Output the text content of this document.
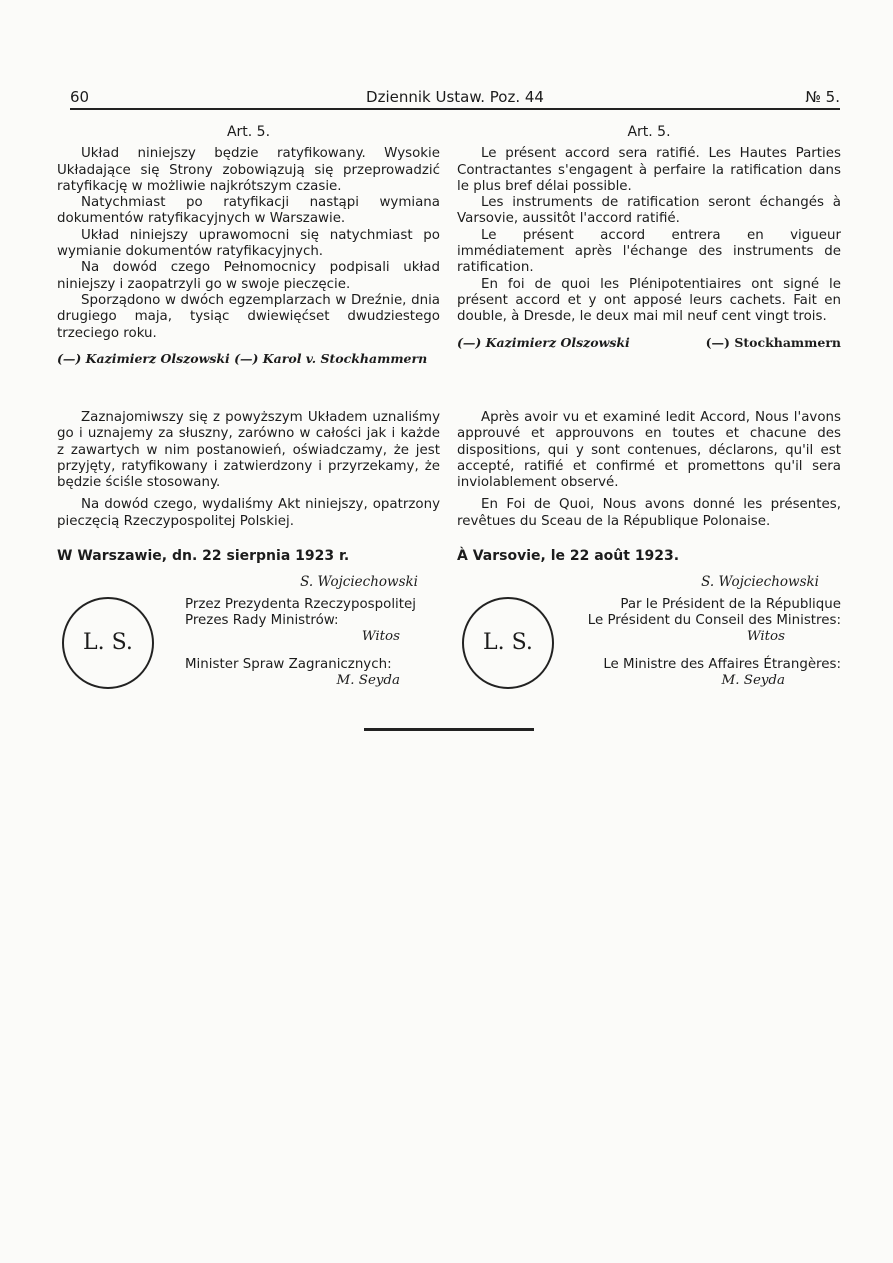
60	Dziennik Ustaw. Poz. 44	№ 5.
Art. 5.

Układ niniejszy będzie ratyfikowany. Wysokie Układające się Strony zobowiązują się przeprowadzić ratyfikację w możliwie najkrótszym czasie.

Natychmiast po ratyfikacji nastąpi wymiana dokumentów ratyfikacyjnych w Warszawie.

Układ niniejszy uprawomocni się natychmiast po wymianie dokumentów ratyfikacyjnych.

Na dowód czego Pełnomocnicy podpisali układ niniejszy i zaopatrzyli go w swoje pieczęcie.

Sporządono w dwóch egzemplarzach w Dreźnie, dnia drugiego maja, tysiąc dwiewięćset dwudziestego trzeciego roku.

(—) Kazimierz Olszowski (—) Karol v. Stockhammern
Art. 5.

Le présent accord sera ratifié. Les Hautes Parties Contractantes s'engagent à perfaire la ratification dans le plus bref délai possible.

Les instruments de ratification seront échangés à Varsovie, aussitôt l'accord ratifié.

Le présent accord entrera en vigueur immédiatement après l'échange des instruments de ratification.

En foi de quoi les Plénipotentiaires ont signé le présent accord et y ont apposé leurs cachets. Fait en double, à Dresde, le deux mai mil neuf cent vingt trois.

(—) Kazimierz Olszowski	(—) Stockhammern

Zaznajomiwszy się z powyższym Układem uznaliśmy go i uznajemy za słuszny, zarówno w całości jak i każde z zawartych w nim postanowień, oświadczamy, że jest przyjęty, ratyfikowany i zatwierdzony i przyrzekamy, że będzie ściśle stosowany.

Na dowód czego, wydaliśmy Akt niniejszy, opatrzony pieczęcią Rzeczypospolitej Polskiej.

W Warszawie, dn. 22 sierpnia 1923 r.
S. Wojciechowski
L. S.
Przez Prezydenta Rzeczypospolitej
Prezes Rady Ministrów:
Witos
Minister Spraw Zagranicznych:
M. Seyda

Après avoir vu et examiné ledit Accord, Nous l'avons approuvé et approuvons en toutes et chacune des dispositions, qui y sont contenues, déclarons, qu'il est accepté, ratifié et confirmé et promettons qu'il sera inviolablement observé.

En Foi de Quoi, Nous avons donné les présentes, revêtues du Sceau de la République Polonaise.

À Varsovie, le 22 août 1923.
S. Wojciechowski
L. S.
Par le Président de la République
Le Président du Conseil des Ministres:
Witos
Le Ministre des Affaires Étrangères:
M. Seyda
